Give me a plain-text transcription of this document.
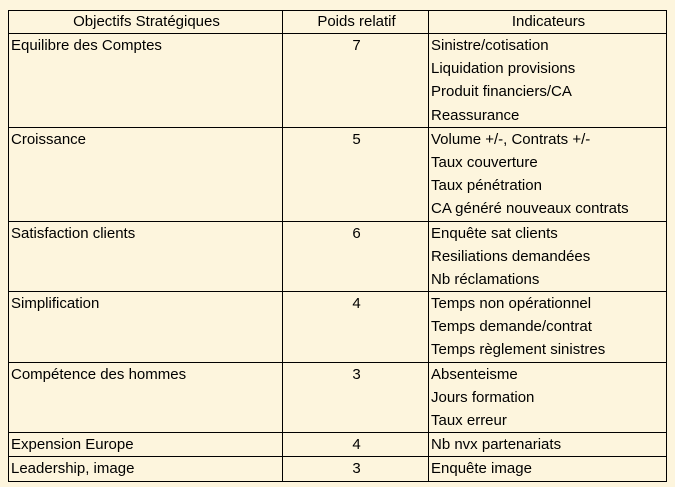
Objectifs Stratégiques	Poids relatif	Indicateurs
Equilibre des Comptes	7	Sinistre/cotisation
Liquidation provisions
Produit financiers/CA
Reassurance

Croissance	5	Volume +/-, Contrats +/-
Taux couverture
Taux pénétration
CA généré nouveaux contrats

Satisfaction clients	6	Enquête sat clients
Resiliations demandées
Nb réclamations

Simplification	4	Temps non opérationnel
Temps demande/contrat
Temps règlement sinistres

Compétence des hommes	3	Absenteisme
Jours formation
Taux erreur

Expension Europe	4	Nb nvx partenariats

Leadership, image	3	Enquête image
